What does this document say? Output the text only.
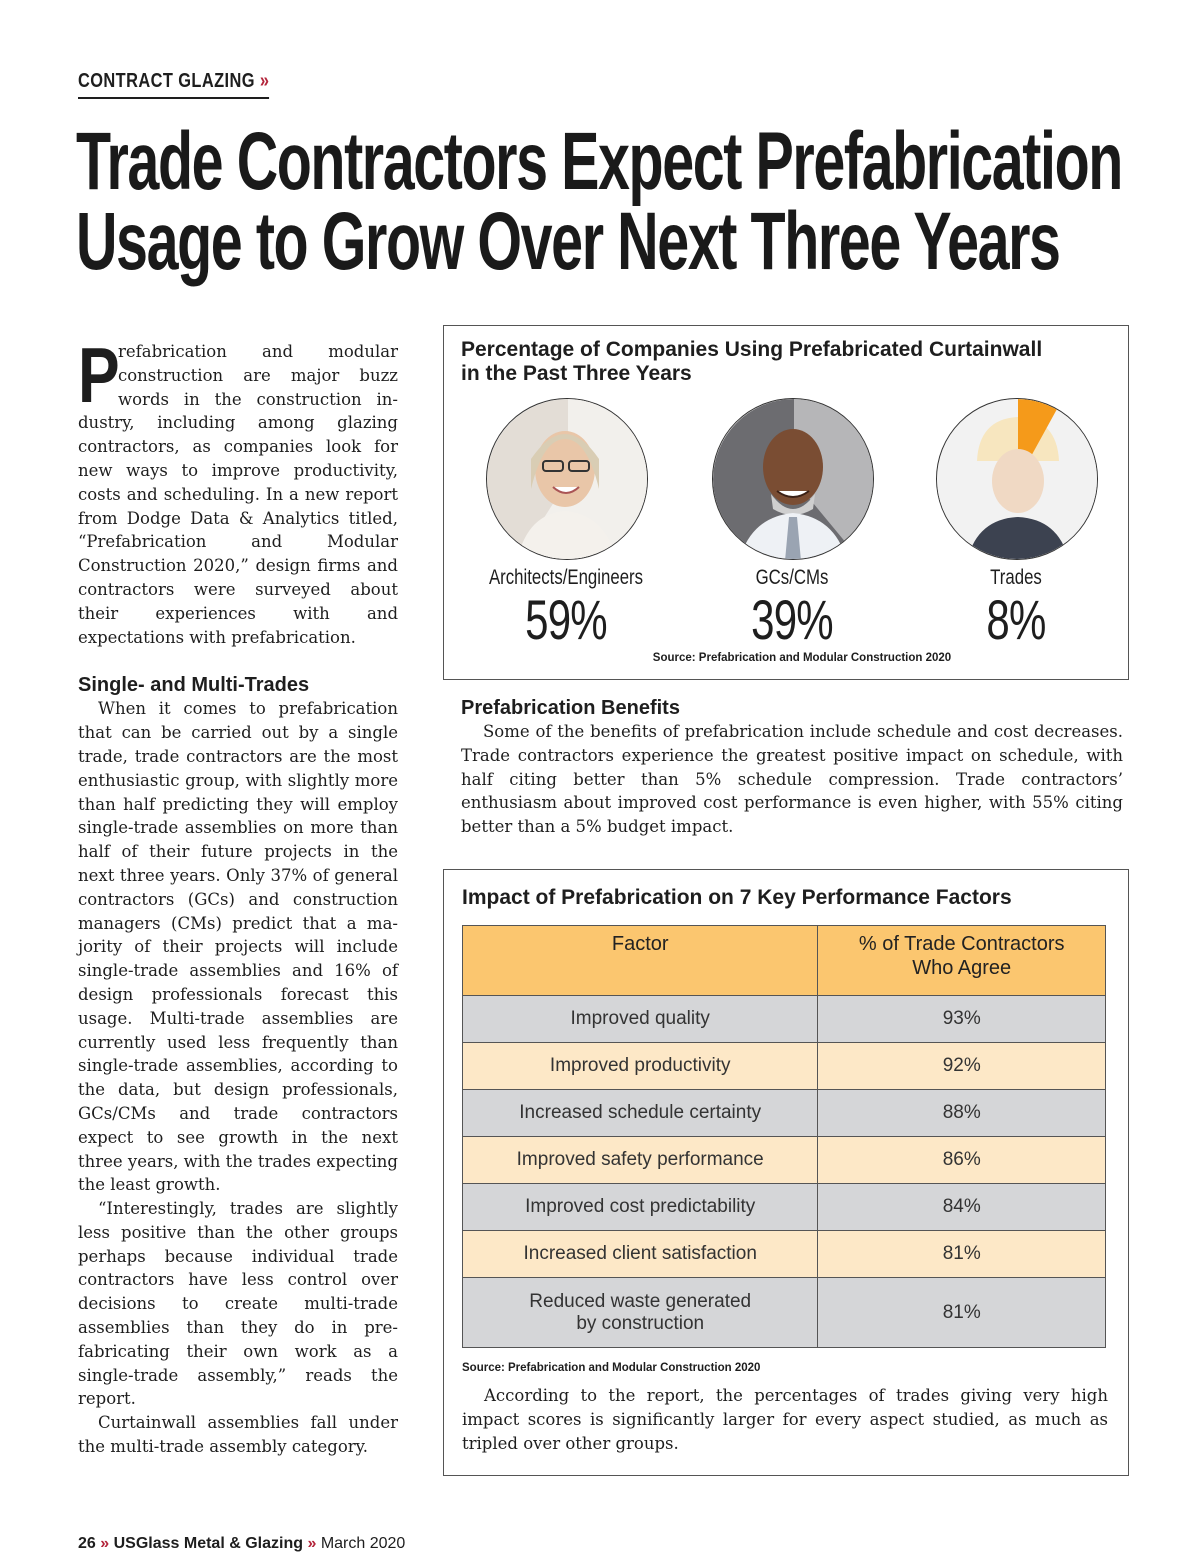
CONTRACT GLAZING »
Trade Contractors Expect Prefabrication
Usage to Grow Over Next Three Years

P
refabrication and modular construction are major buzz words in the construction industry, including among glazing contractors, as companies look for new ways to improve productivity, costs and scheduling. In a new report from Dodge Data & Analytics titled, “Prefabrication and Modular Construction 2020,” design firms and contractors were surveyed about their experiences with and expectations with prefabrication.

Single- and Multi-Trades

When it comes to prefabrication that can be carried out by a single trade, trade contractors are the most enthusiastic group, with slightly more than half predicting they will employ single-trade assemblies on more than half of their future projects in the next three years. Only 37% of general contractors (GCs) and construction managers (CMs) predict that a majority of their projects will include single-trade assemblies and 16% of design professionals forecast this usage. Multi-trade assemblies are currently used less frequently than single-trade assemblies, according to the data, but design professionals, GCs/CMs and trade contractors expect to see growth in the next three years, with the trades expecting the least growth.

“Interestingly, trades are slightly less positive than the other groups perhaps because individual trade contractors have less control over decisions to create multi-trade assemblies than they do in prefabricating their own work as a single-trade assembly,” reads the report.

Curtainwall assemblies fall under the multi-trade assembly category.

Percentage of Companies Using Prefabricated Curtainwall in the Past Three Years
Architects/Engineers
59%
GCs/CMs
39%
Trades
8%
Source: Prefabrication and Modular Construction 2020
Prefabrication Benefits

Some of the benefits of prefabrication include schedule and cost decreases. Trade contractors experience the greatest positive impact on schedule, with half citing better than 5% schedule compression. Trade contractors’ enthusiasm about improved cost performance is even higher, with 55% citing better than a 5% budget impact.

Impact of Prefabrication on 7 Key Performance Factors
Factor	% of Trade Contractors
Who Agree

Improved quality	93%
Improved productivity	92%
Increased schedule certainty	88%
Improved safety performance	86%
Improved cost predictability	84%
Increased client satisfaction	81%

Reduced waste generated
by construction	81%
Source: Prefabrication and Modular Construction 2020

According to the report, the percentages of trades giving very high impact scores is significantly larger for every aspect studied, as much as tripled over other groups.

26 » USGlass Metal & Glazing » March 2020
